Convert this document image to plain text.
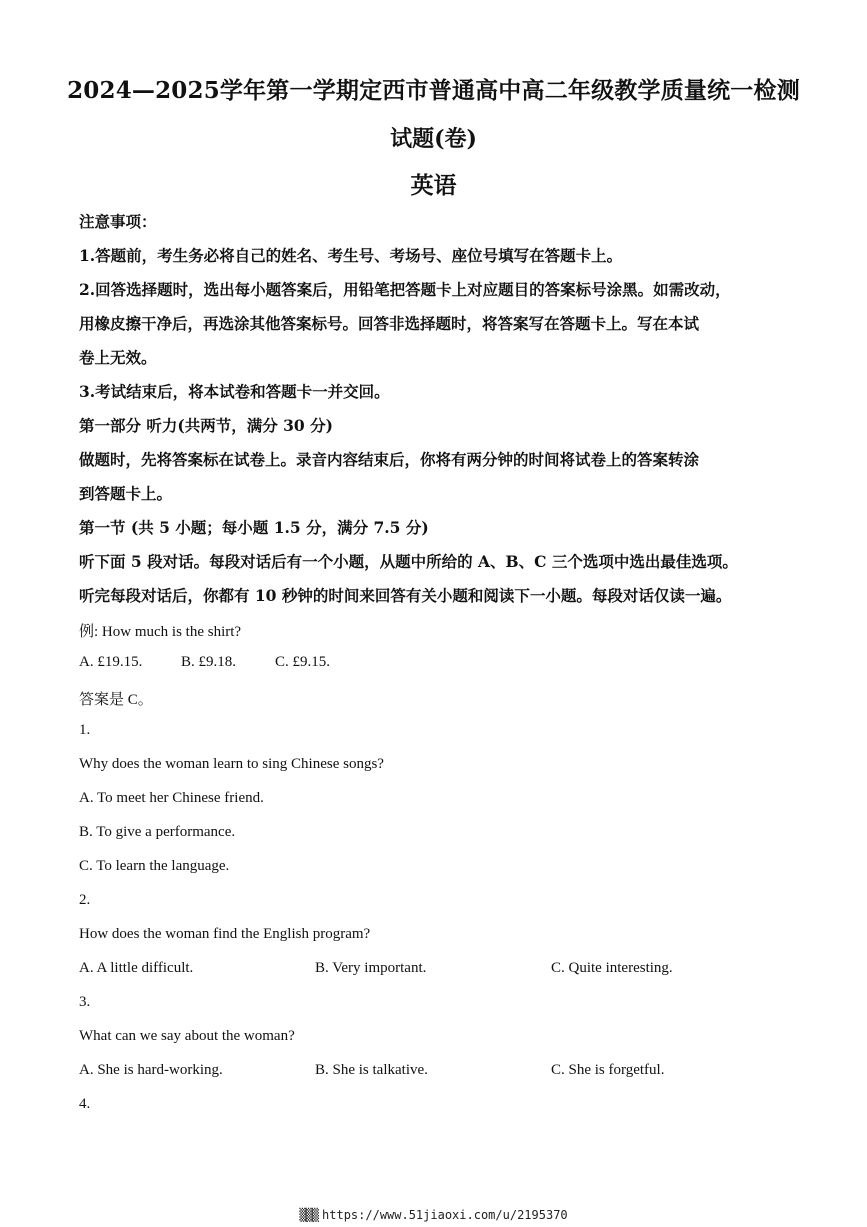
2024—2025学年第一学期定西市普通高中高二年级教学质量统一检测
试题(卷)
英语
注意事项：
1.答题前，考生务必将自己的姓名、考生号、考场号、座位号填写在答题卡上。
2.回答选择题时，选出每小题答案后，用铅笔把答题卡上对应题目的答案标号涂黑。如需改动，
用橡皮擦干净后，再选涂其他答案标号。回答非选择题时，将答案写在答题卡上。写在本试
卷上无效。
3.考试结束后，将本试卷和答题卡一并交回。
第一部分 听力(共两节，满分 30 分)
做题时，先将答案标在试卷上。录音内容结束后，你将有两分钟的时间将试卷上的答案转涂
到答题卡上。
第一节 (共 5 小题；每小题 1.5 分，满分 7.5 分)
听下面 5 段对话。每段对话后有一个小题，从题中所给的 A、B、C 三个选项中选出最佳选项。
听完每段对话后，你都有 10 秒钟的时间来回答有关小题和阅读下一小题。每段对话仅读一遍。
例: How much is the shirt?
A. £19.15.	B. £9.18.	C. £9.15.
答案是 C。
1.
Why does the woman learn to sing Chinese songs?
A. To meet her Chinese friend.
B. To give a performance.
C. To learn the language.
2.
How does the woman find the English program?
A. A little difficult.	B. Very important.	C. Quite interesting.
3.
What can we say about the woman?
A. She is hard-working.	B. She is talkative.	C. She is forgetful.
4.
▒▒▒ https://www.51jiaoxi.com/u/2195370
